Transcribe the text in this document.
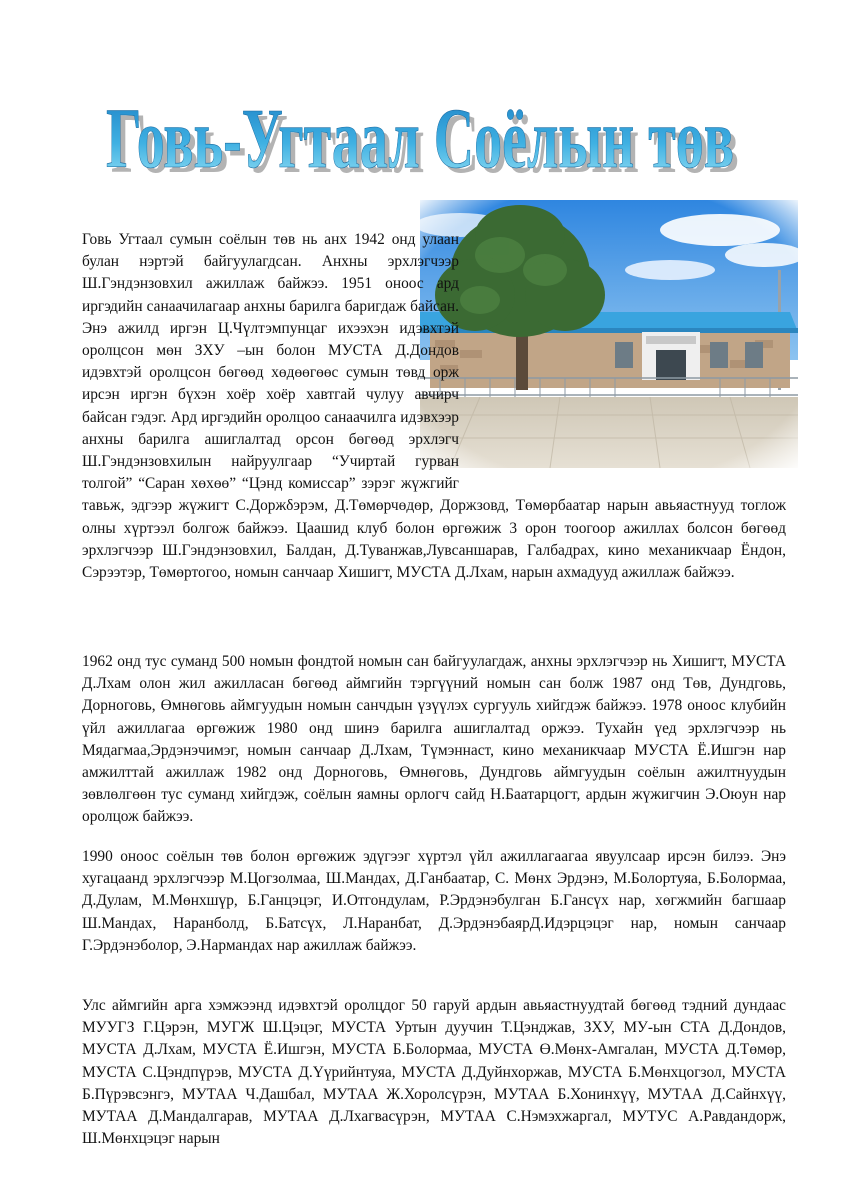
Говь-Угтаал Соёлын төв
Говь-Угтаал Соёлын төв

Говь Угтаал сумын соёлын төв нь анх 1942 онд улаан булан нэртэй байгуулагдсан. Анхны эрхлэгчээр Ш.Гэндэнзовхил ажиллаж байжээ. 1951 оноос ард иргэдийн санаачилагаар анхны барилга баригдаж байсан. Энэ ажилд иргэн Ц.Чүлтэмпунцаг ихээхэн идэвхтэй оролцсон мөн ЗХУ –ын болон МУСТА Д.Дондов идэвхтэй оролцсон бөгөөд хөдөөгөөс сумын төвд орж ирсэн иргэн бүхэн хоёр хоёр хавтгай чулуу авчирч байсан гэдэг. Ард иргэдийн оролцоо санаачилга идэвхээр анхны барилга ашиглалтад орсон бөгөөд эрхлэгч Ш.Гэндэнзовхилын найруулгаар “Учиртай гурван толгой” “Саран хөхөө” “Цэнд комиссар” зэрэг жүжгийг тавьж, эдгээр жүжигт С.Доржδэрэм, Д.Төмөрчөдөр, Доржзовд, Төмөрбаатар нарын авьяастнууд тоглож олны хүртээл болгож байжээ. Цаашид клуб болон өргөжиж 3 орон тоогоор ажиллах болсон бөгөөд эрхлэгчээр Ш.Гэндэнзовхил, Балдан, Д.Туванжав,Лувсаншарав, Галбадрах, кино механикчаар Ёндон, Сэрээтэр, Төмөртогоо, номын санчаар Хишигт, МУСТА Д.Лхам, нарын ахмадууд ажиллаж байжээ.

1962 онд тус суманд 500 номын фондтой номын сан байгуулагдаж, анхны эрхлэгчээр нь Хишигт, МУСТА Д.Лхам олон жил ажилласан бөгөөд аймгийн тэргүүний номын сан болж 1987 онд Төв, Дундговь, Дорноговь, Өмнөговь аймгуудын номын санчдын үзүүлэх сургууль хийгдэж байжээ. 1978 оноос клубийн үйл ажиллагаа өргөжиж 1980 онд шинэ барилга ашиглалтад оржээ. Тухайн үед эрхлэгчээр нь Мядагмаа,Эрдэнэчимэг, номын санчаар Д.Лхам, Түмэннаст, кино механикчаар МУСТА Ё.Ишгэн нар амжилттай ажиллаж 1982 онд Дорноговь, Өмнөговь, Дундговь аймгуудын соёлын ажилтнуудын зөвлөлгөөн тус суманд хийгдэж, соёлын яамны орлогч сайд Н.Баатарцогт, ардын жүжигчин Э.Оюун нар оролцож байжээ.

1990 оноос соёлын төв болон өргөжиж эдүгээг хүртэл үйл ажиллагаагаа явуулсаар ирсэн билээ. Энэ хугацаанд эрхлэгчээр М.Цогзолмаа, Ш.Мандах, Д.Ганбаатар, С. Мөнх Эрдэнэ, М.Болортуяа, Б.Болормаа, Д.Дулам, М.Мөнхшүр, Б.Ганцэцэг, И.Отгондулам, Р.Эрдэнэбулган Б.Гансүх нар, хөгжмийн багшаар Ш.Мандах, Наранболд, Б.Батсүх, Л.Наранбат, Д.ЭрдэнэбаярД.Идэрцэцэг нар, номын санчаар Г.Эрдэнэболор, Э.Нармандах нар ажиллаж байжээ.

Улс аймгийн арга хэмжээнд идэвхтэй оролцдог 50 гаруй ардын авьяастнуудтай бөгөөд тэдний дундаас МУУГЗ Г.Цэрэн, МУГЖ Ш.Цэцэг, МУСТА Уртын дуучин Т.Цэнджав, ЗХУ, МУ-ын СТА Д.Дондов, МУСТА Д.Лхам, МУСТА Ё.Ишгэн, МУСТА Б.Болормаа, МУСТА Ө.Мөнх-Амгалан, МУСТА Д.Төмөр, МУСТА С.Цэндпүрэв, МУСТА Д.Үүрийнтуяа, МУСТА Д.Дуйнхоржав, МУСТА Б.Мөнхцогзол, МУСТА Б.Пүрэвсэнгэ, МУТАА Ч.Дашбал, МУТАА Ж.Хоролсүрэн, МУТАА Б.Хонинхүү, МУТАА Д.Сайнхүү, МУТАА Д.Мандалгарав, МУТАА Д.Лхагвасүрэн, МУТАА С.Нэмэхжаргал, МУТУС А.Равдандорж, Ш.Мөнхцэцэг нарын
